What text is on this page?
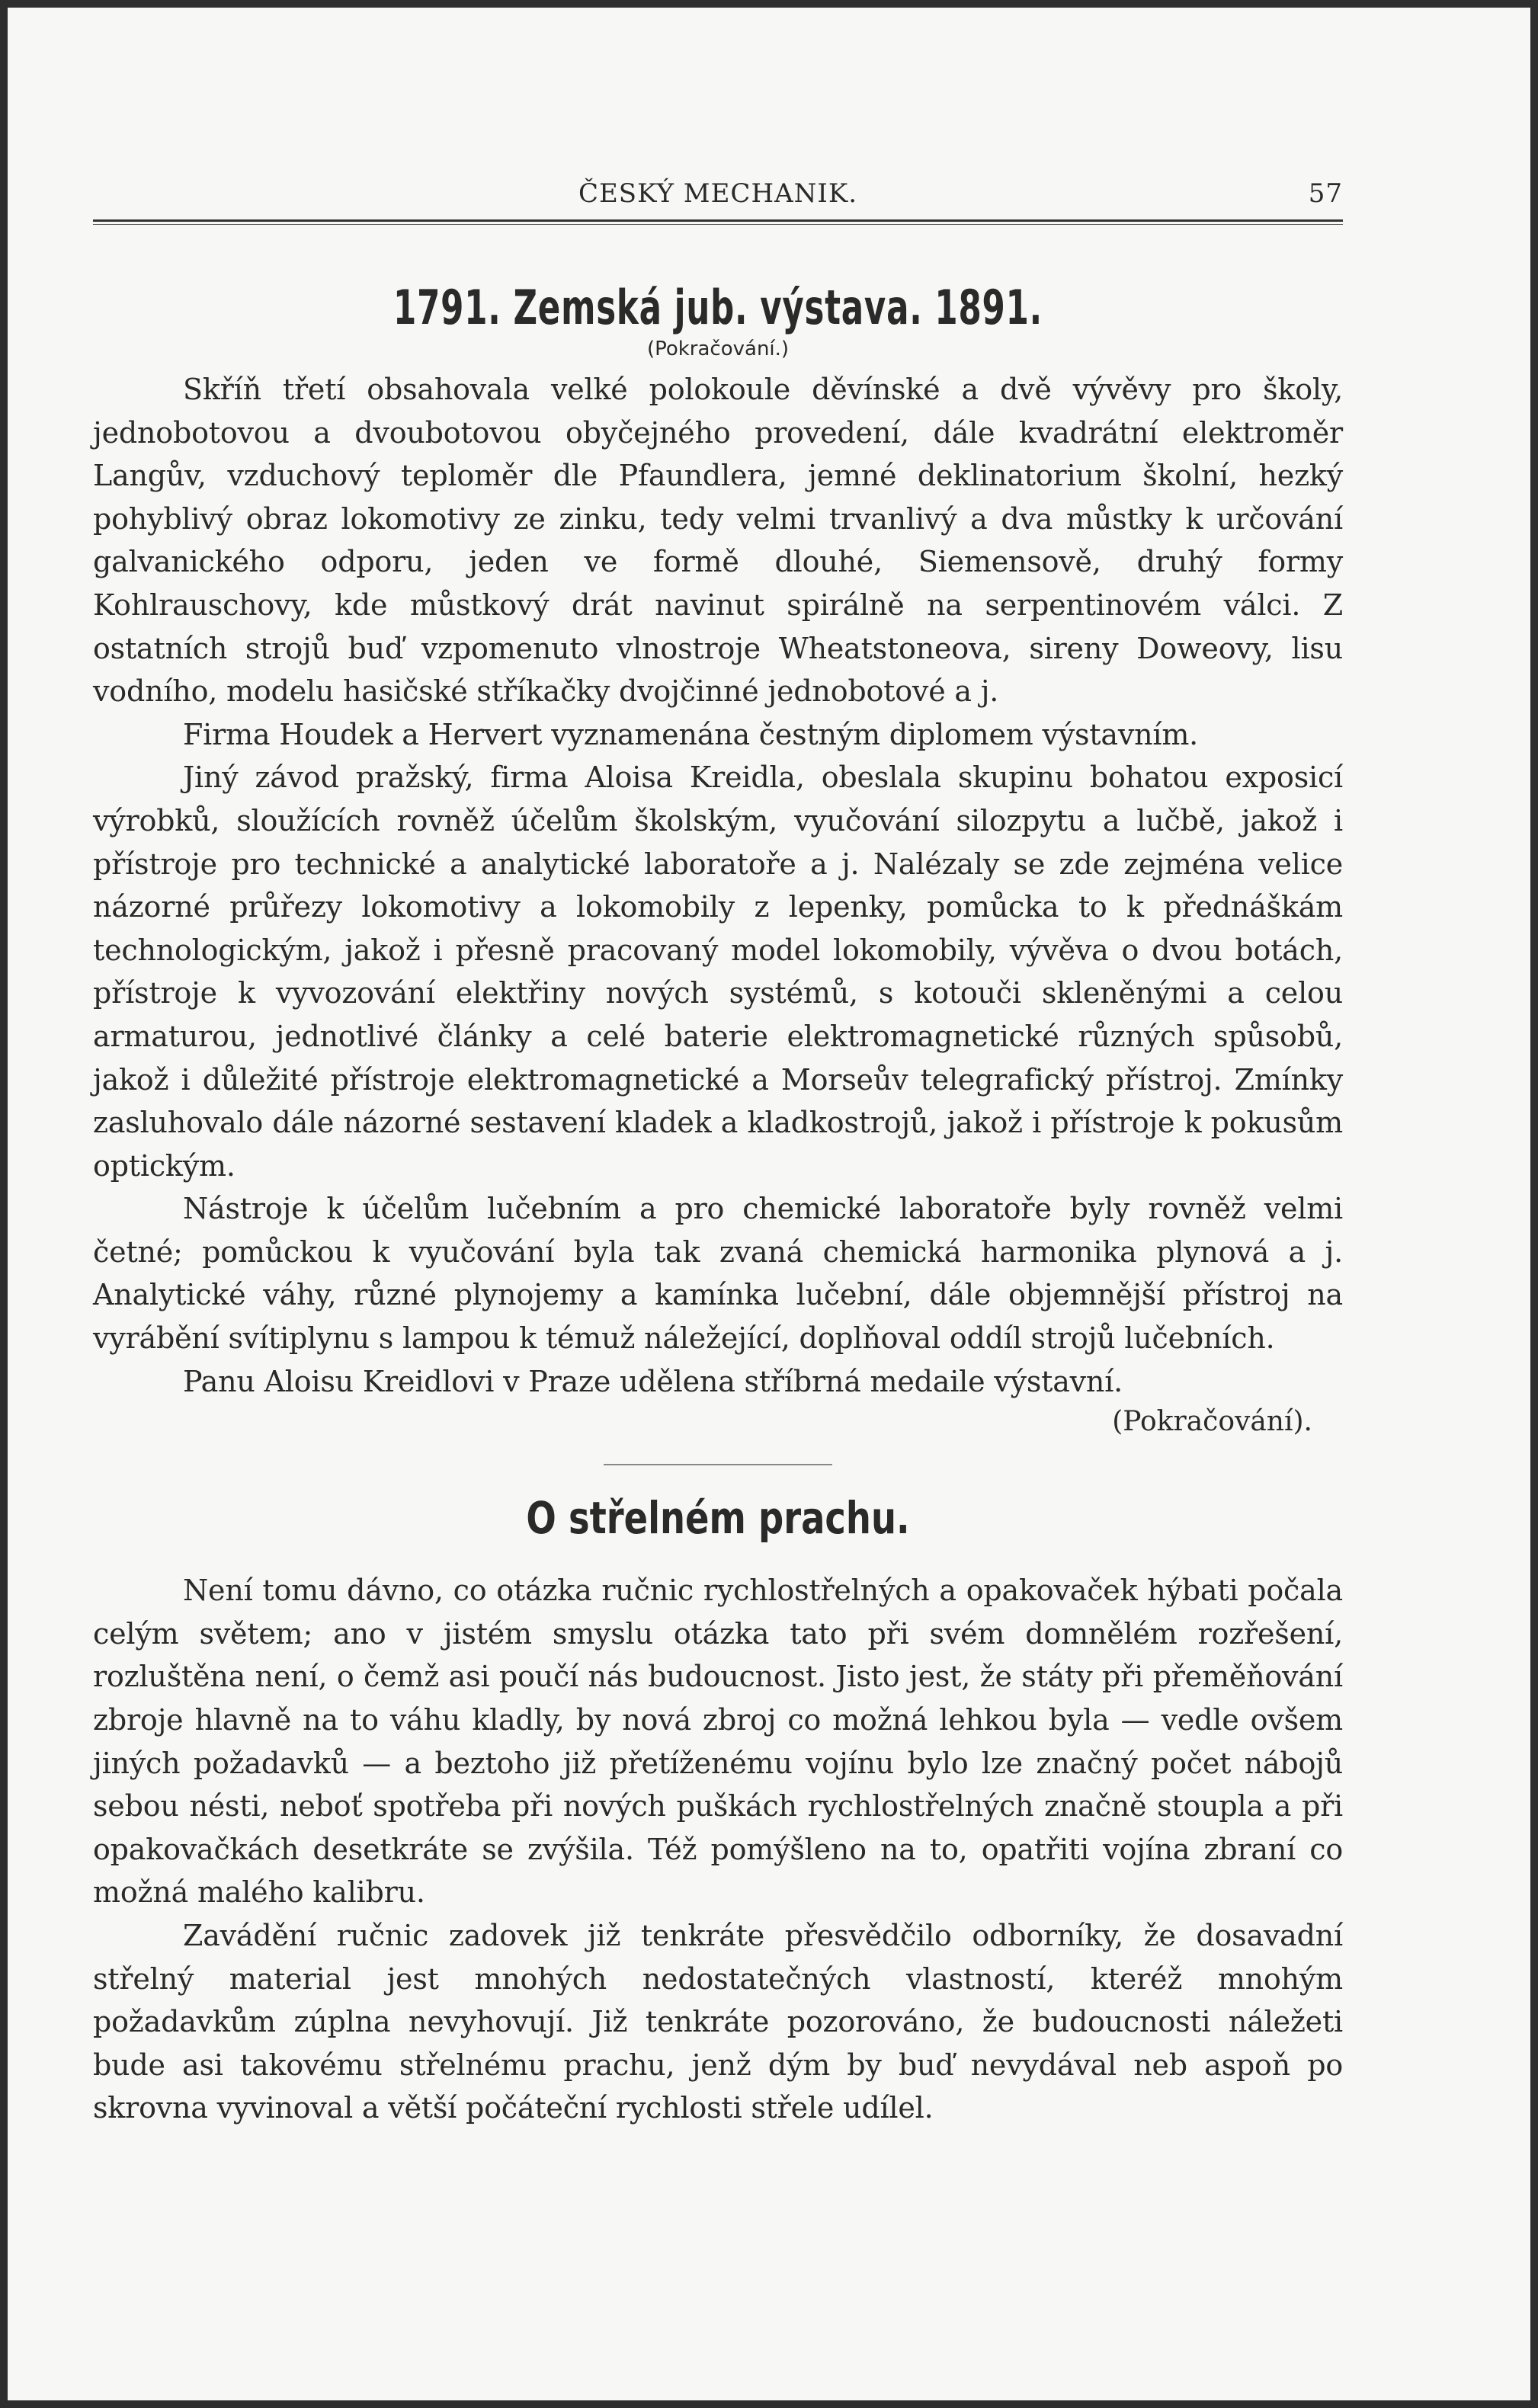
ČESKÝ MECHANIK.	57
1791. Zemská jub. výstava. 1891.
(Pokračování.)

Skříň třetí obsahovala velké polokoule děvínské a dvě vývěvy pro školy, jednobotovou a dvoubotovou obyčejného provedení, dále kvadrátní elektroměr Langův, vzduchový teploměr dle Pfaundlera, jemné deklinatorium školní, hezký pohyblivý obraz lokomotivy ze zinku, tedy velmi trvanlivý a dva můstky k určování galvanického odporu, jeden ve formě dlouhé, Siemensově, druhý formy Kohlrauschovy, kde můstkový drát navinut spirálně na serpentinovém válci. Z ostatních strojů buď vzpomenuto vlnostroje Wheatstoneova, sireny Doweovy, lisu vodního, modelu hasičské stříkačky dvojčinné jednobotové a j.

Firma Houdek a Hervert vyznamenána čestným diplomem výstavním.

Jiný závod pražský, firma Aloisa Kreidla, obeslala skupinu bohatou exposicí výrobků, sloužících rovněž účelům školským, vyučování silozpytu a lučbě, jakož i přístroje pro technické a analytické laboratoře a j. Nalézaly se zde zejména velice názorné průřezy lokomotivy a lokomobily z lepenky, pomůcka to k přednáškám technologickým, jakož i přesně pracovaný model lokomobily, vývěva o dvou botách, přístroje k vyvozování elektřiny nových systémů, s kotouči skleněnými a celou armaturou, jednotlivé články a celé baterie elektromagnetické různých spůsobů, jakož i důležité přístroje elektromagnetické a Morseův telegrafický přístroj. Zmínky zasluhovalo dále názorné sestavení kladek a kladkostrojů, jakož i přístroje k pokusům optickým.

Nástroje k účelům lučebním a pro chemické laboratoře byly rovněž velmi četné; pomůckou k vyučování byla tak zvaná chemická harmonika plynová a j. Analytické váhy, různé plynojemy a kamínka lučební, dále objemnější přístroj na vyrábění svítiplynu s lampou k témuž náležející, doplňoval oddíl strojů lučebních.

Panu Aloisu Kreidlovi v Praze udělena stříbrná medaile výstavní.

(Pokračování).
O střelném prachu.

Není tomu dávno, co otázka ručnic rychlostřelných a opakovaček hýbati počala celým světem; ano v jistém smyslu otázka tato při svém domnělém rozřešení, rozluštěna není, o čemž asi poučí nás budoucnost. Jisto jest, že státy při přeměňování zbroje hlavně na to váhu kladly, by nová zbroj co možná lehkou byla — vedle ovšem jiných požadavků — a beztoho již přetíženému vojínu bylo lze značný počet nábojů sebou nésti, neboť spotřeba při nových puškách rychlostřelných značně stoupla a při opakovačkách desetkráte se zvýšila. Též pomýšleno na to, opatřiti vojína zbraní co možná malého kalibru.

Zavádění ručnic zadovek již tenkráte přesvědčilo odborníky, že dosavadní střelný material jest mnohých nedostatečných vlastností, kteréž mnohým požadavkům zúplna nevyhovují. Již tenkráte pozorováno, že budoucnosti náležeti bude asi takovému střelnému prachu, jenž dým by buď nevydával neb aspoň po skrovna vyvinoval a větší počáteční rychlosti střele udílel.
